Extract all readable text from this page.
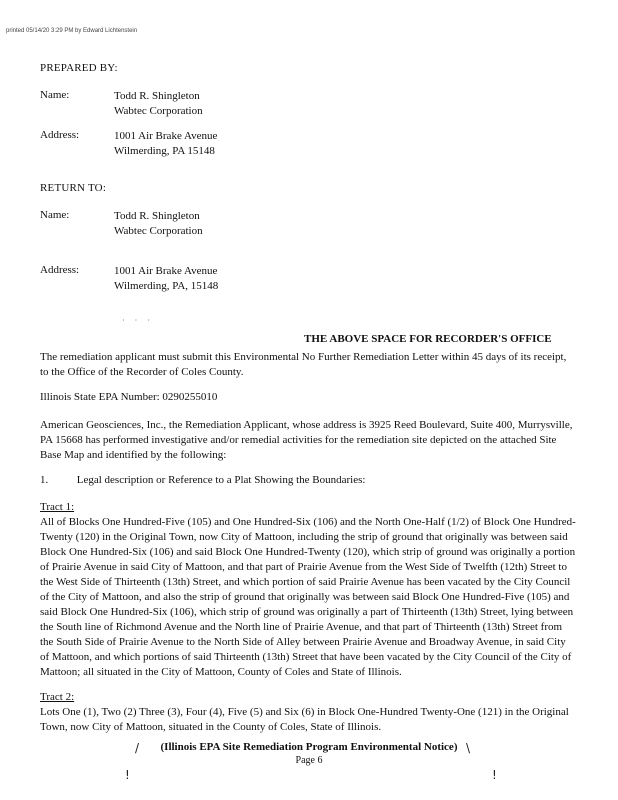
printed 05/14/20 3:29 PM by Edward Lichtenstein
PREPARED BY:
Name:	Todd R. Shingleton
Wabtec Corporation
Address:	1001 Air Brake Avenue
Wilmerding, PA 15148
RETURN TO:
Name:	Todd R. Shingleton
Wabtec Corporation
Address:	1001 Air Brake Avenue
Wilmerding, PA, 15148
· · ·
THE ABOVE SPACE FOR RECORDER'S OFFICE
The remediation applicant must submit this Environmental No Further Remediation Letter within 45 days of its receipt, to the Office of the Recorder of Coles County.
Illinois State EPA Number: 0290255010
American Geosciences, Inc., the Remediation Applicant, whose address is 3925 Reed Boulevard, Suite 400, Murrysville, PA 15668 has performed investigative and/or remedial activities for the remediation site depicted on the attached Site Base Map and identified by the following:
1.	Legal description or Reference to a Plat Showing the Boundaries:
Tract 1:
All of Blocks One Hundred-Five (105) and One Hundred-Six (106) and the North One-Half (1/2) of Block One Hundred-Twenty (120) in the Original Town, now City of Mattoon, including the strip of ground that originally was between said Block One Hundred-Six (106) and said Block One Hundred-Twenty (120), which strip of ground was originally a portion of Prairie Avenue in said City of Mattoon, and that part of Prairie Avenue from the West Side of Twelfth (12th) Street to the West Side of Thirteenth (13th) Street, and which portion of said Prairie Avenue has been vacated by the City Council of the City of Mattoon, and also the strip of ground that originally was between said Block One Hundred-Five (105) and said Block One Hundred-Six (106), which strip of ground was originally a part of Thirteenth (13th) Street, lying between the South line of Richmond Avenue and the North line of Prairie Avenue, and that part of Thirteenth (13th) Street from the South Side of Prairie Avenue to the North Side of Alley between Prairie Avenue and Broadway Avenue, in said City of Mattoon, and which portions of said Thirteenth (13th) Street that have been vacated by the City Council of the City of Mattoon; all situated in the City of Mattoon, County of Coles and State of Illinois.
Tract 2:
Lots One (1), Two (2) Three (3), Four (4), Five (5) and Six (6) in Block One-Hundred Twenty-One (121) in the Original Town, now City of Mattoon, situated in the County of Coles, State of Illinois.
/	\
!	!
(Illinois EPA Site Remediation Program Environmental Notice)
Page 6
